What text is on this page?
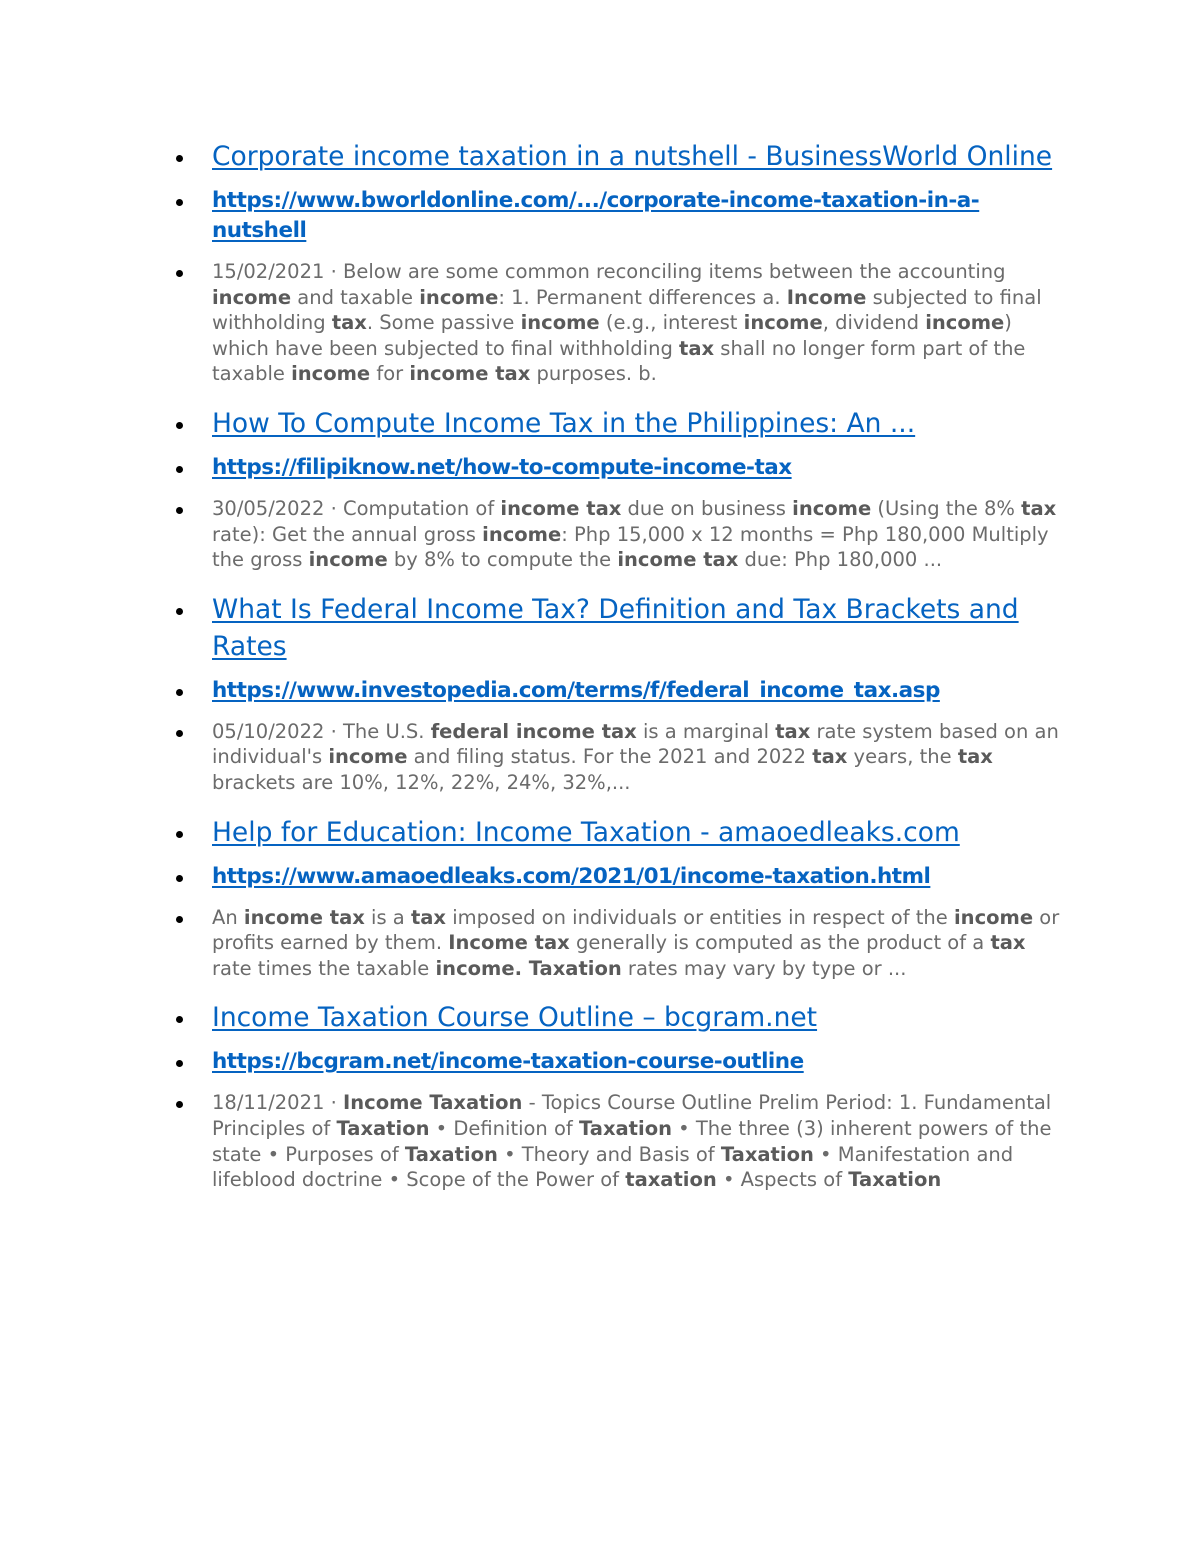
Corporate income taxation in a nutshell - BusinessWorld Online
https://www.bworldonline.com/.../corporate-income-taxation-in-a-nutshell
15/02/2021 · Below are some common reconciling items between the accounting income and taxable income: 1. Permanent differences a. Income subjected to final withholding tax. Some passive income (e.g., interest income, dividend income) which have been subjected to final withholding tax shall no longer form part of the taxable income for income tax purposes. b.
How To Compute Income Tax in the Philippines: An ...
https://filipiknow.net/how-to-compute-income-tax
30/05/2022 · Computation of income tax due on business income (Using the 8% tax rate): Get the annual gross income: Php 15,000 x 12 months = Php 180,000 Multiply the gross income by 8% to compute the income tax due: Php 180,000 ...
What Is Federal Income Tax? Definition and Tax Brackets and Rates
https://www.investopedia.com/terms/f/federal_income_tax.asp
05/10/2022 · The U.S. federal income tax is a marginal tax rate system based on an individual's income and filing status. For the 2021 and 2022 tax years, the tax brackets are 10%, 12%, 22%, 24%, 32%,...
Help for Education: Income Taxation - amaoedleaks.com
https://www.amaoedleaks.com/2021/01/income-taxation.html
An income tax is a tax imposed on individuals or entities in respect of the income or profits earned by them. Income tax generally is computed as the product of a tax rate times the taxable income. Taxation rates may vary by type or ...
Income Taxation Course Outline – bcgram.net
https://bcgram.net/income-taxation-course-outline
18/11/2021 · Income Taxation - Topics Course Outline Prelim Period: 1. Fundamental Principles of Taxation • Definition of Taxation • The three (3) inherent powers of the state • Purposes of Taxation • Theory and Basis of Taxation • Manifestation and lifeblood doctrine • Scope of the Power of taxation • Aspects of Taxation
